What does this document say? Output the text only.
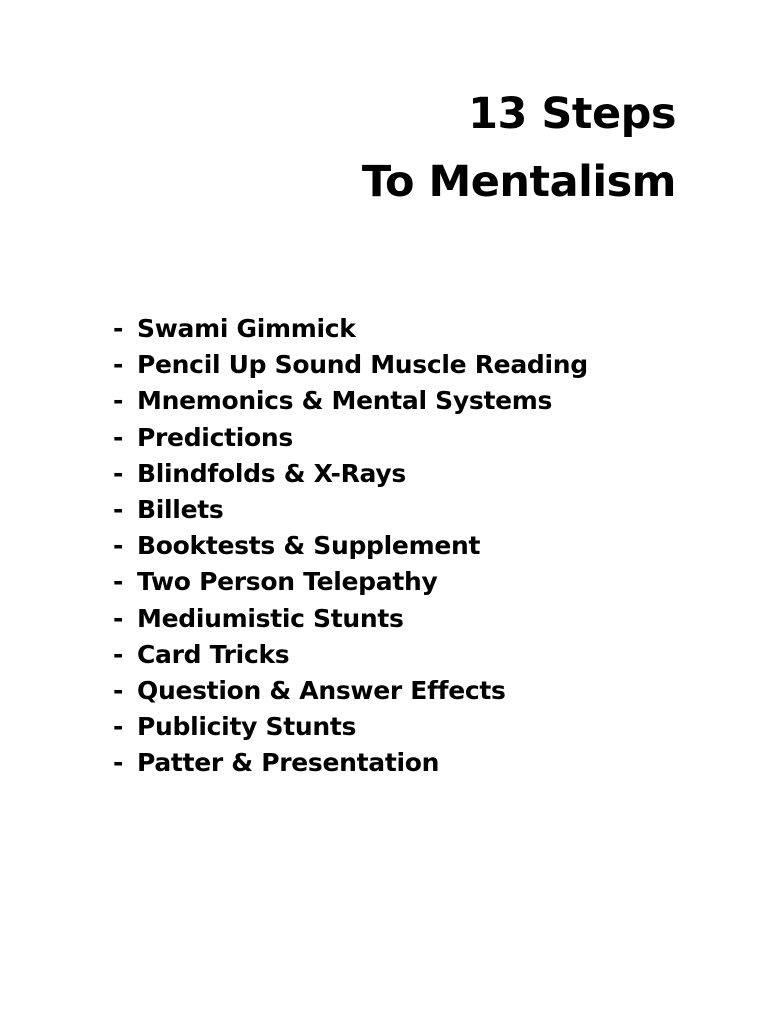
13 Steps
To Mentalism
- Swami Gimmick
- Pencil Up Sound Muscle Reading
- Mnemonics & Mental Systems
- Predictions
- Blindfolds & X-Rays
- Billets
- Booktests & Supplement
- Two Person Telepathy
- Mediumistic Stunts
- Card Tricks
- Question & Answer Effects
- Publicity Stunts
- Patter & Presentation
